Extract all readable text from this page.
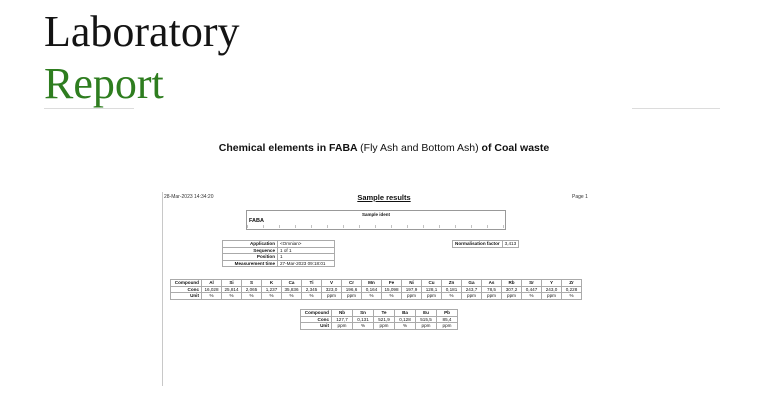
Laboratory
Report
Chemical elements in FABA (Fly Ash and Bottom Ash) of Coal waste
28-Mar-2023 14:34:20	Page 1
Sample results
Sample ident
FABA
Application	<Omnian>
Sequence	1 of 1
Position	1
Measurement time	27-Mar-2023 09:18:01
Normalisation factor	3,413
Compound	Al	Si	S	K	Ca	Ti	V	Cr	Mn	Fe	Ni	Cu	Zn	Ga	As	Rb	Sr	Y	Zr
Conc	16,028	25,814	2,065	1,237	35,836	2,345	323,0	196,6	0,164	15,098	197,9	128,1	0,181	243,7	78,5	307,2	0,447	243,0	0,228
Unit	%	%	%	%	%	%	ppm	ppm	%	%	ppm	ppm	%	ppm	ppm	ppm	%	ppm	%
Compound	Nb	Sn	Te	Ba	Eu	Pb
Conc	127,7	0,131	521,9	0,128	515,5	85,4
Unit	ppm	%	ppm	%	ppm	ppm
